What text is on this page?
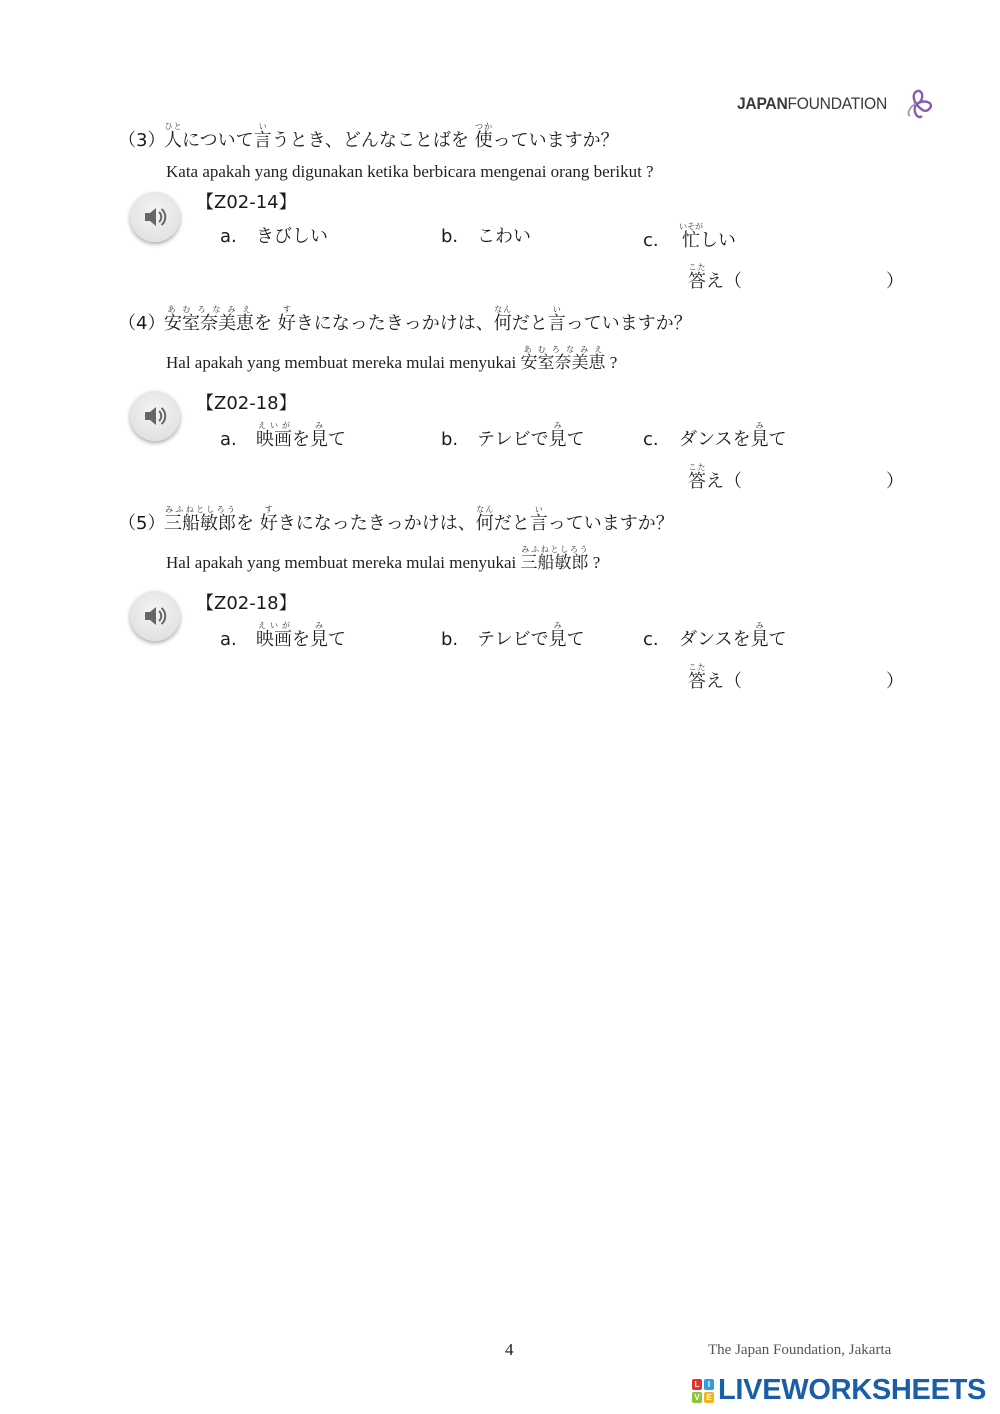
JAPANFOUNDATION
（3）人ひとについて言いうとき、どんなことばを 使つかっていますか？
Kata apakah yang digunakan ketika berbicara mengenai orang berikut ?
【Z02-14】
a. きびしい	b. こわい	c. 忙いそがしい
答こたえ（	）
（4）安室奈美恵あむろなみえを 好すきになったきっかけは、何なんだと言いっていますか？
Hal apakah yang membuat mereka mulai menyukai 安室奈美恵あむろなみえ ?
【Z02-18】
a. 映画えいがを見みて	b. テレビで見みて	c. ダンスを見みて
答こたえ（	）
（5）三船敏郎みふねとしろうを 好すきになったきっかけは、何なんだと言いっていますか？
Hal apakah yang membuat mereka mulai menyukai 三船敏郎みふねとしろう ?
【Z02-18】
a. 映画えいがを見みて	b. テレビで見みて	c. ダンスを見みて
答こたえ（	）
4	The Japan Foundation, Jakarta
L	I
V E LIVEWORKSHEETS
